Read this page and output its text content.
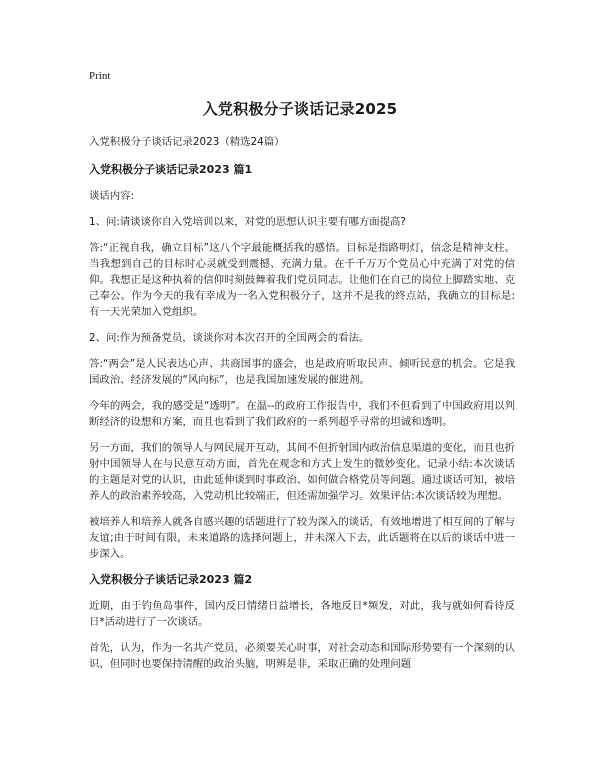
Print
入党积极分子谈话记录2025

入党积极分子谈话记录2023（精选24篇）

入党积极分子谈话记录2023 篇1

谈话内容:

1、问:请谈谈你自入党培训以来，对党的思想认识主要有哪方面提高?

答:“正视自我，确立目标”这八个字最能概括我的感悟。目标是指路明灯，信念是精神支柱。当我想到自己的目标时心灵就受到震撼、充满力量。在千千万万个党员心中充满了对党的信仰。我想正是这种执着的信仰时刻鼓舞着我们党员同志。让他们在自己的岗位上脚踏实地、克己奉公。作为今天的我有幸成为一名入党积极分子，这并不是我的终点站，我确立的目标是:有一天光荣加入党组织。

2、问:作为预备党员，谈谈你对本次召开的全国两会的看法。

答:“两会”是人民表达心声、共商国事的盛会，也是政府听取民声、倾听民意的机会。它是我国政治、经济发展的“风向标”，也是我国加速发展的催进剂。

今年的两会，我的感受是“透明”。在温--的政府工作报告中，我们不但看到了中国政府用以判断经济的设想和方案，而且也看到了我们政府的一系列超乎寻常的坦诚和透明。

另一方面，我们的领导人与网民展开互动，其间不但折射国内政治信息渠道的变化，而且也折射中国领导人在与民意互动方面，首先在观念和方式上发生的微妙变化。记录小结:本次谈话的主题是对党的认识，由此延伸谈到时事政治、如何做合格党员等问题。通过谈话可知，被培养人的政治素养较高，入党动机比较端正，但还需加强学习。效果评估:本次谈话较为理想。

被培养人和培养人就各自感兴趣的话题进行了较为深入的谈话，有效地增进了相互间的了解与友谊;由于时间有限，未来道路的选择问题上，并未深入下去，此话题将在以后的谈话中进一步深入。

入党积极分子谈话记录2023 篇2

近期，由于钓鱼岛事件，国内反日情绪日益增长，各地反日*频发，对此，我与就如何看待反日*活动进行了一次谈话。

首先，认为，作为一名共产党员，必须要关心时事，对社会动态和国际形势要有一个深刻的认识，但同时也要保持清醒的政治头脑，明辨是非，采取正确的处理问题
